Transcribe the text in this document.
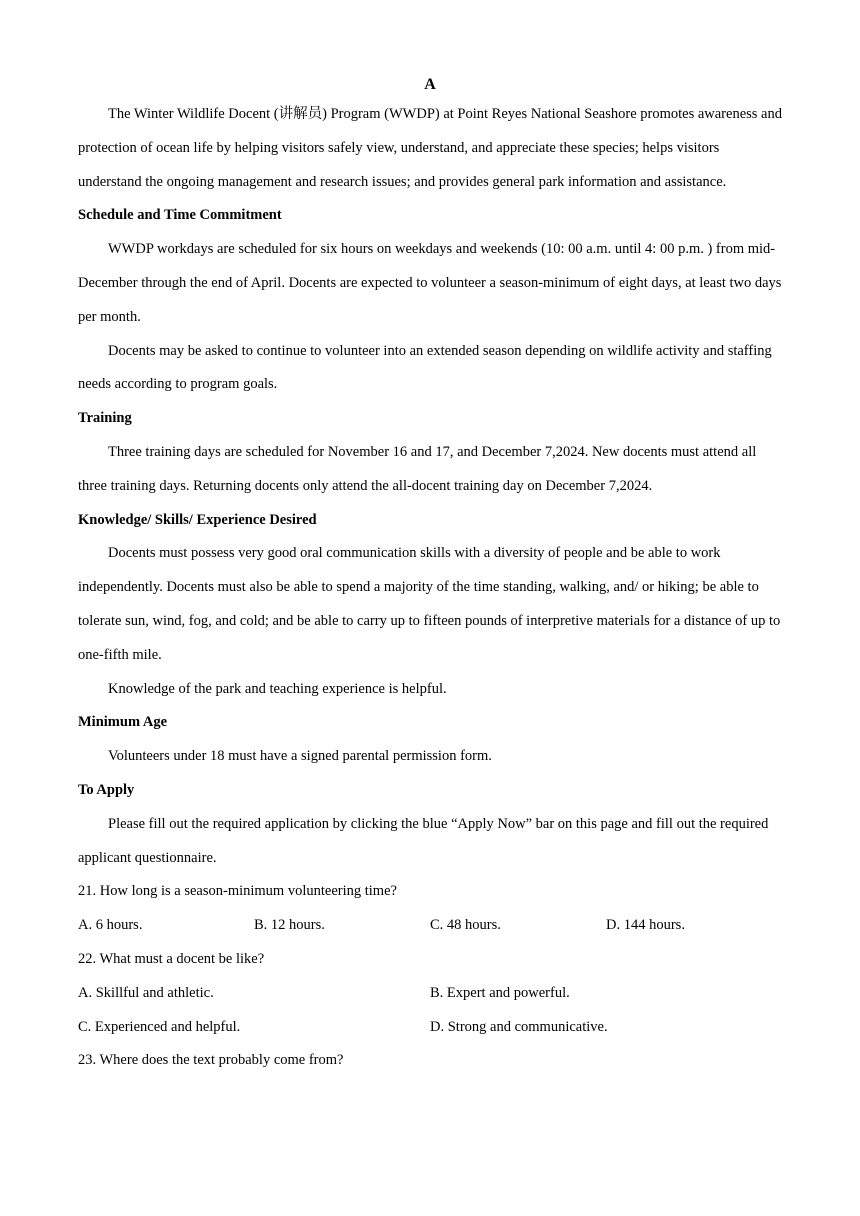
A

The Winter Wildlife Docent (讲解员) Program (WWDP) at Point Reyes National Seashore promotes awareness and protection of ocean life by helping visitors safely view, understand, and appreciate these species; helps visitors understand the ongoing management and research issues; and provides general park information and assistance.

Schedule and Time Commitment

WWDP workdays are scheduled for six hours on weekdays and weekends (10: 00 a.m. until 4: 00 p.m. ) from mid-December through the end of April. Docents are expected to volunteer a season-minimum of eight days, at least two days per month.

Docents may be asked to continue to volunteer into an extended season depending on wildlife activity and staffing needs according to program goals.

Training

Three training days are scheduled for November 16 and 17, and December 7,2024. New docents must attend all three training days. Returning docents only attend the all-docent training day on December 7,2024.

Knowledge/ Skills/ Experience Desired

Docents must possess very good oral communication skills with a diversity of people and be able to work independently. Docents must also be able to spend a majority of the time standing, walking, and/ or hiking; be able to tolerate sun, wind, fog, and cold; and be able to carry up to fifteen pounds of interpretive materials for a distance of up to one-fifth mile.

Knowledge of the park and teaching experience is helpful.

Minimum Age

Volunteers under 18 must have a signed parental permission form.

To Apply

Please fill out the required application by clicking the blue “Apply Now” bar on this page and fill out the required applicant questionnaire.

21. How long is a season-minimum volunteering time?

A. 6 hours.	B. 12 hours.	C. 48 hours.	D. 144 hours.

22. What must a docent be like?

A. Skillful and athletic.	B. Expert and powerful.
C. Experienced and helpful.	D. Strong and communicative.

23. Where does the text probably come from?
